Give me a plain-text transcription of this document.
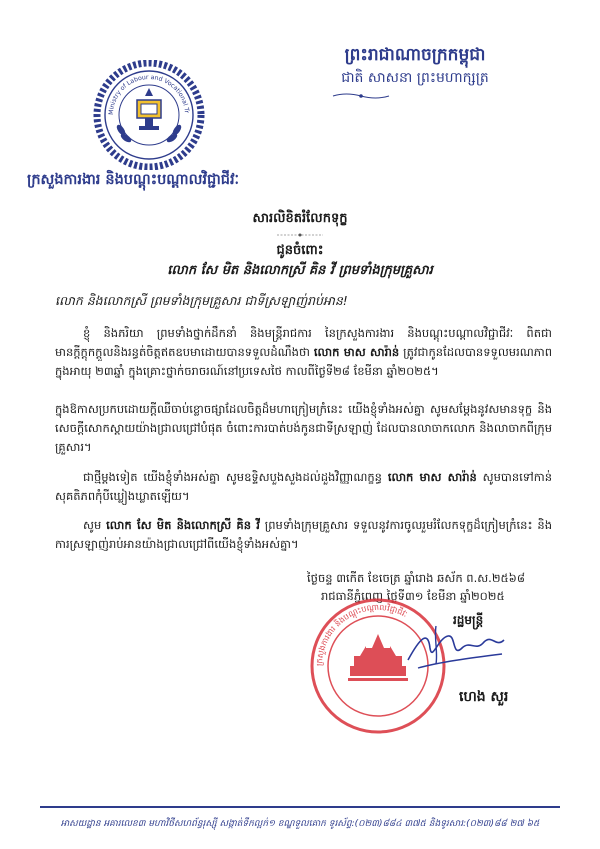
ព្រះរាជាណាចក្រកម្ពុជា
ជាតិ សាសនា ព្រះមហាក្សត្រ
Ministry of Labour and Vocational Tr
ក្រសួងការងារ និងបណ្តុះបណ្តាលវិជ្ជាជីវៈ
សារលិខិតរំលែកទុក្ខ
ជូនចំពោះ
លោក សែ មិត និងលោកស្រី គិន វី ព្រមទាំងក្រុមគ្រួសារ
លោក និងលោកស្រី ព្រមទាំងក្រុមគ្រួសារ ជាទីស្រឡាញ់រាប់អាន!
ខ្ញុំ និងភរិយា ព្រមទាំងថ្នាក់ដឹកនាំ និងមន្ត្រីរាជការ នៃក្រសួងការងារ និងបណ្តុះបណ្តាលវិជ្ជាជីវៈ ពិតជាមានក្តីក្តុកក្តួលនិងរន្ធត់ចិត្តឥតឧបមាដោយបានទទួលដំណឹងថា លោក មាស សារ៉ាន់ ត្រូវជាកូនដែលបានទទួលមរណភាពក្នុងអាយុ ២៣ឆ្នាំ ក្នុងគ្រោះថ្នាក់ចរាចរណ៍នៅប្រទេសថៃ កាលពីថ្ងៃទី២៨ ខែមីនា ឆ្នាំ២០២៥។
ក្នុងឱកាសប្រកបដោយក្តីឈឺចាប់ខ្លោចផ្សាដែលចិត្តដ៏មហាក្រៀមក្រំនេះ យើងខ្ញុំទាំងអស់គ្នា សូមសម្តែងនូវសមានទុក្ខ និងសេចក្តីសោកស្តាយយ៉ាងជ្រាលជ្រៅបំផុត ចំពោះការបាត់បង់កូនជាទីស្រឡាញ់ ដែលបានលាចាកលោក និងលាចាកពីក្រុមគ្រួសារ។
ជាថ្មីម្តងទៀត យើងខ្ញុំទាំងអស់គ្នា សូមឧទ្ទិសបួងសួងដល់ដួងវិញ្ញាណក្ខន្ធ លោក មាស សារ៉ាន់ សូមបានទៅកាន់សុគតិភពកុំបីឃ្លៀងឃ្លាតឡើយ។
សូម លោក សែ មិត និងលោកស្រី គិន វី ព្រមទាំងក្រុមគ្រួសារ ទទួលនូវការចូលរួមរំលែកទុក្ខដ៏ក្រៀមក្រំនេះ និងការស្រឡាញ់រាប់អានយ៉ាងជ្រាលជ្រៅពីយើងខ្ញុំទាំងអស់គ្នា។
ថ្ងៃចន្ទ ៣កើត ខែចេត្រ ឆ្នាំរោង ឆស័ក ព.ស.២៥៦៨
រាជធានីភ្នំពេញ ថ្ងៃទី៣១ ខែមីនា ឆ្នាំ២០២៥
ក្រសួងការងារ និងបណ្តុះបណ្តាលវិជ្ជាជីវៈ	រដ្ឋមន្ត្រី
ហេង សួរ
អាសយដ្ឋាន អគារលេខ៣ មហាវិថីសហព័ន្ធរុស្ស៊ី សង្កាត់ទឹកល្អក់១ ខណ្ឌទួលគោក ទូរស័ព្ទ:(០២៣)៨៨៤ ៣៧៥ និងទូរសារ:(០២៣)៨៨ ២៧ ៦៥
